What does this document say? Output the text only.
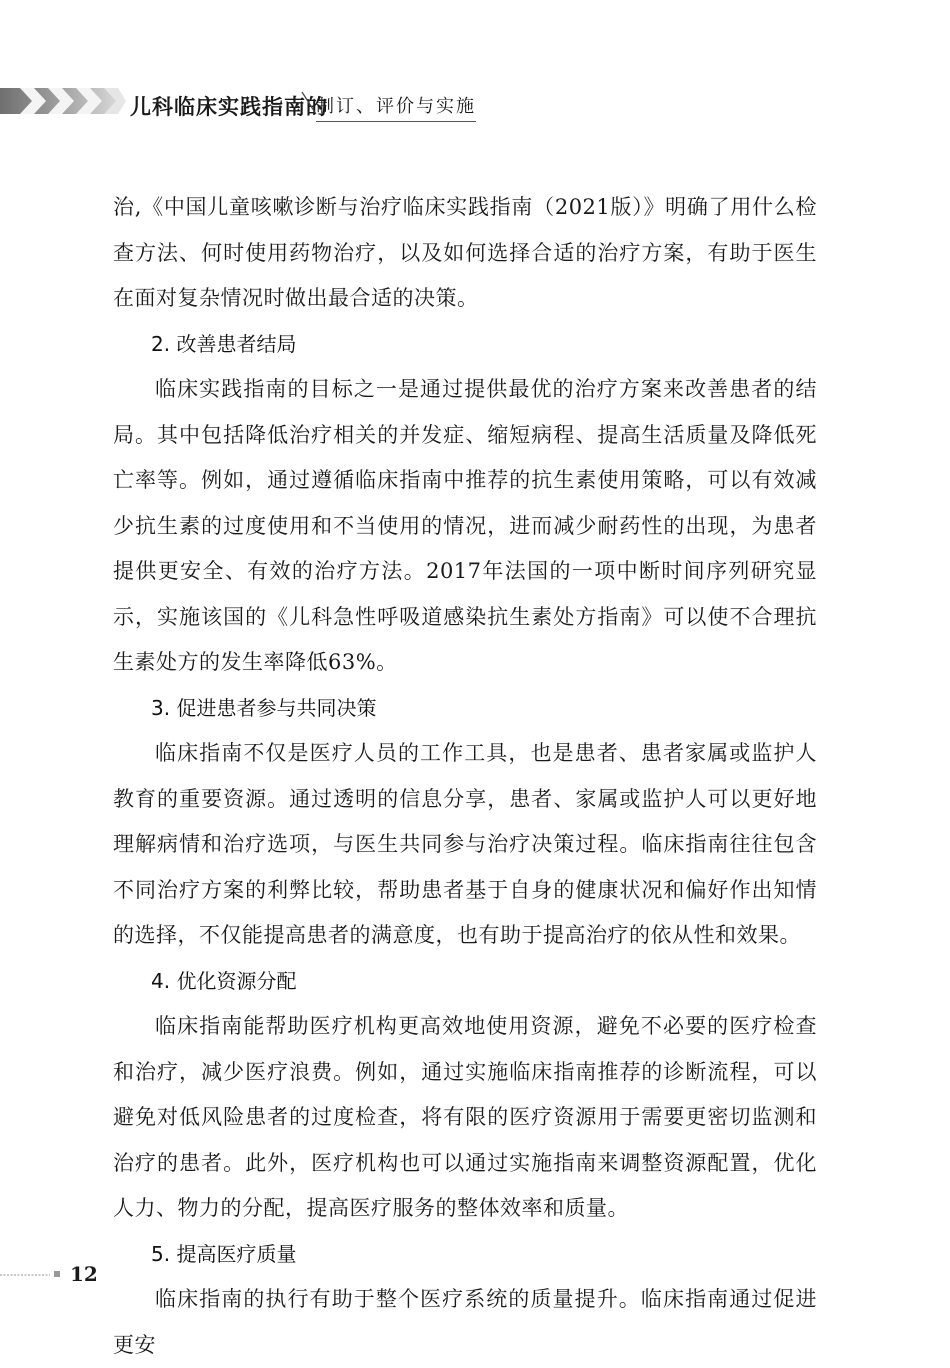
儿科临床实践指南的
制订、评价与实施

治,《中国儿童咳嗽诊断与治疗临床实践指南（2021版）》明确了用什么检查方法、何时使用药物治疗，以及如何选择合适的治疗方案，有助于医生在面对复杂情况时做出最合适的决策。

2. 改善患者结局

临床实践指南的目标之一是通过提供最优的治疗方案来改善患者的结局。其中包括降低治疗相关的并发症、缩短病程、提高生活质量及降低死亡率等。例如，通过遵循临床指南中推荐的抗生素使用策略，可以有效减少抗生素的过度使用和不当使用的情况，进而减少耐药性的出现，为患者提供更安全、有效的治疗方法。2017年法国的一项中断时间序列研究显示，实施该国的《儿科急性呼吸道感染抗生素处方指南》可以使不合理抗生素处方的发生率降低63%。

3. 促进患者参与共同决策

临床指南不仅是医疗人员的工作工具，也是患者、患者家属或监护人教育的重要资源。通过透明的信息分享，患者、家属或监护人可以更好地理解病情和治疗选项，与医生共同参与治疗决策过程。临床指南往往包含不同治疗方案的利弊比较，帮助患者基于自身的健康状况和偏好作出知情的选择，不仅能提高患者的满意度，也有助于提高治疗的依从性和效果。

4. 优化资源分配

临床指南能帮助医疗机构更高效地使用资源，避免不必要的医疗检查和治疗，减少医疗浪费。例如，通过实施临床指南推荐的诊断流程，可以避免对低风险患者的过度检查，将有限的医疗资源用于需要更密切监测和治疗的患者。此外，医疗机构也可以通过实施指南来调整资源配置，优化人力、物力的分配，提高医疗服务的整体效率和质量。

5. 提高医疗质量

临床指南的执行有助于整个医疗系统的质量提升。临床指南通过促进更安

12
